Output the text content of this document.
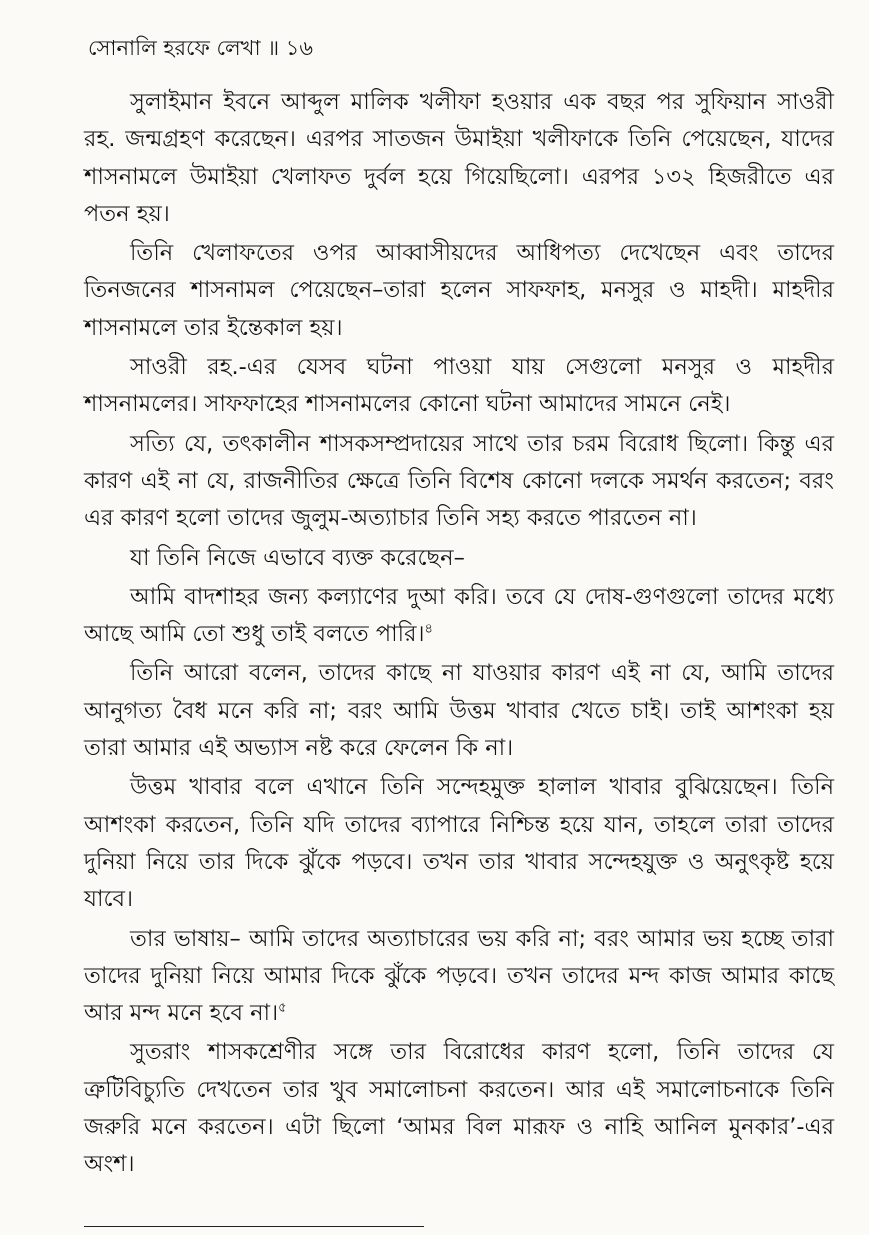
সোনালি হরফে লেখা ॥ ১৬

সুলাইমান ইবনে আব্দুল মালিক খলীফা হওয়ার এক বছর পর সুফিয়ান সাওরী রহ. জন্মগ্রহণ করেছেন। এরপর সাতজন উমাইয়া খলীফাকে তিনি পেয়েছেন, যাদের শাসনামলে উমাইয়া খেলাফত দুর্বল হয়ে গিয়েছিলো। এরপর ১৩২ হিজরীতে এর পতন হয়।

তিনি খেলাফতের ওপর আব্বাসীয়দের আধিপত্য দেখেছেন এবং তাদের তিনজনের শাসনামল পেয়েছেন–তারা হলেন সাফফাহ, মনসুর ও মাহদী। মাহদীর শাসনামলে তার ইন্তেকাল হয়।

সাওরী রহ.-এর যেসব ঘটনা পাওয়া যায় সেগুলো মনসুর ও মাহদীর শাসনামলের। সাফফাহের শাসনামলের কোনো ঘটনা আমাদের সামনে নেই।

সত্যি যে, তৎকালীন শাসকসম্প্রদায়ের সাথে তার চরম বিরোধ ছিলো। কিন্তু এর কারণ এই না যে, রাজনীতির ক্ষেত্রে তিনি বিশেষ কোনো দলকে সমর্থন করতেন; বরং এর কারণ হলো তাদের জুলুম-অত্যাচার তিনি সহ্য করতে পারতেন না।

যা তিনি নিজে এভাবে ব্যক্ত করেছেন–

আমি বাদশাহর জন্য কল্যাণের দুআ করি। তবে যে দোষ-গুণগুলো তাদের মধ্যে আছে আমি তো শুধু তাই বলতে পারি।$^৪$

তিনি আরো বলেন, তাদের কাছে না যাওয়ার কারণ এই না যে, আমি তাদের আনুগত্য বৈধ মনে করি না; বরং আমি উত্তম খাবার খেতে চাই। তাই আশংকা হয় তারা আমার এই অভ্যাস নষ্ট করে ফেলেন কি না।

উত্তম খাবার বলে এখানে তিনি সন্দেহমুক্ত হালাল খাবার বুঝিয়েছেন। তিনি আশংকা করতেন, তিনি যদি তাদের ব্যাপারে নিশ্চিন্ত হয়ে যান, তাহলে তারা তাদের দুনিয়া নিয়ে তার দিকে ঝুঁকে পড়বে। তখন তার খাবার সন্দেহযুক্ত ও অনুৎকৃষ্ট হয়ে যাবে।

তার ভাষায়– আমি তাদের অত্যাচারের ভয় করি না; বরং আমার ভয় হচ্ছে তারা তাদের দুনিয়া নিয়ে আমার দিকে ঝুঁকে পড়বে। তখন তাদের মন্দ কাজ আমার কাছে আর মন্দ মনে হবে না।$^৫$

সুতরাং শাসকশ্রেণীর সঙ্গে তার বিরোধের কারণ হলো, তিনি তাদের যে ত্রুটিবিচ্যুতি দেখতেন তার খুব সমালোচনা করতেন। আর এই সমালোচনাকে তিনি জরুরি মনে করতেন। এটা ছিলো ‘আমর বিল মারূফ ও নাহি আনিল মুনকার’-এর অংশ।
